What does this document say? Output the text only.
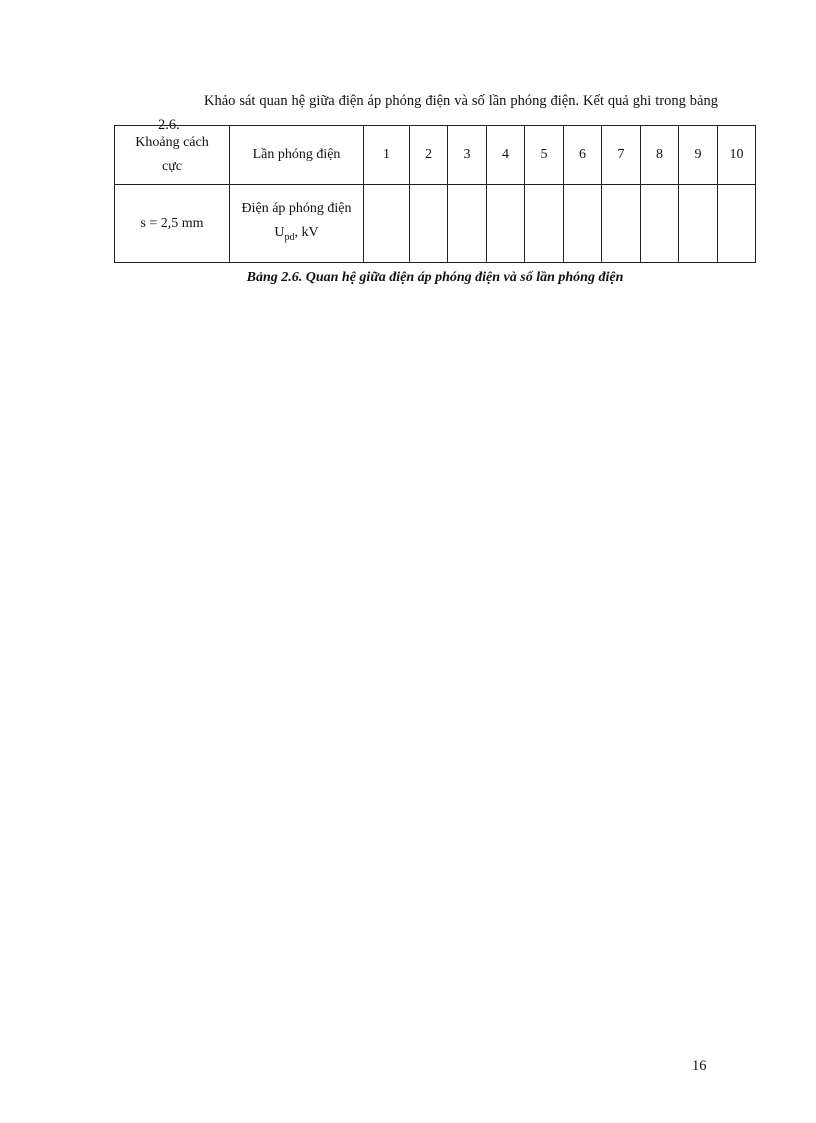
Khảo sát quan hệ giữa điện áp phóng điện và số lần phóng điện. Kết quả ghi trong bảng 2.6.

Khoảng cách cực	Lần phóng điện	1	2	3	4	5	6	7	8	9	10
s = 2,5 mm	Điện áp phóng điện
$U_{pd}$, kV										

Bảng 2.6. Quan hệ giữa điện áp phóng điện và số lần phóng điện
16
